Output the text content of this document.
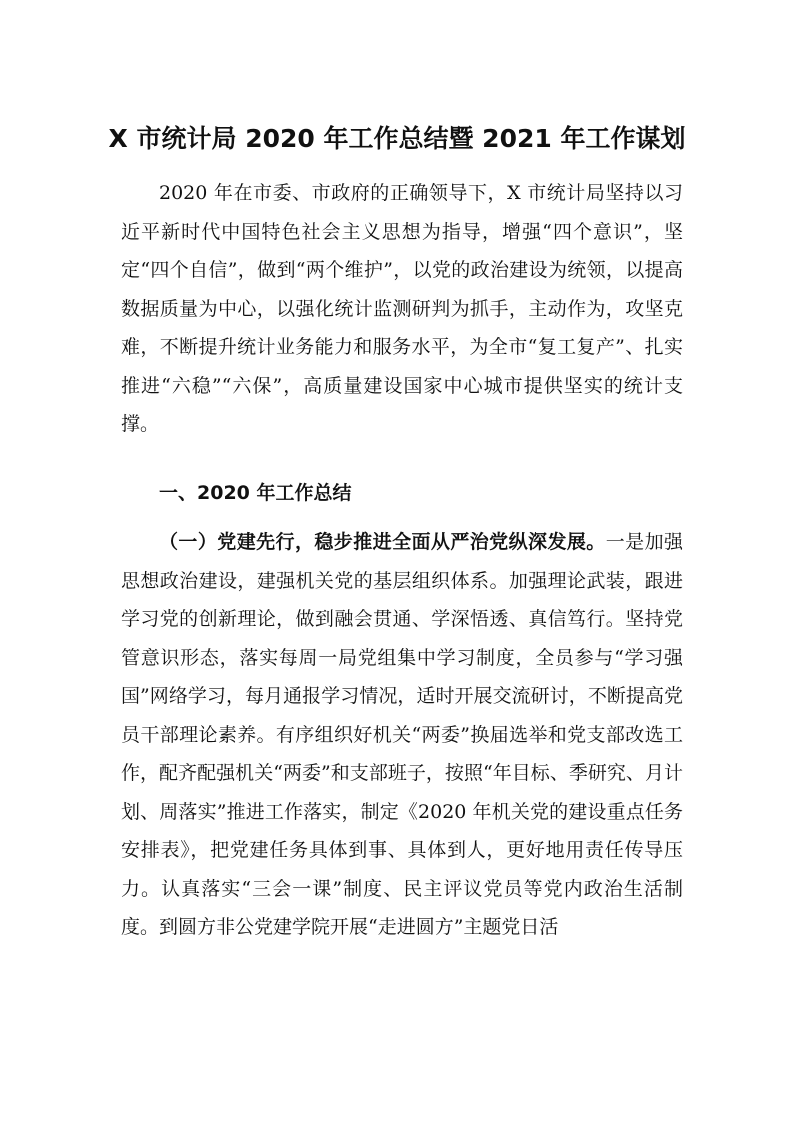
X 市统计局 2020 年工作总结暨 2021 年工作谋划

2020 年在市委、市政府的正确领导下，X 市统计局坚持以习近平新时代中国特色社会主义思想为指导，增强“四个意识”，坚定“四个自信”，做到“两个维护”，以党的政治建设为统领，以提高数据质量为中心，以强化统计监测研判为抓手，主动作为，攻坚克难，不断提升统计业务能力和服务水平，为全市“复工复产”、扎实推进“六稳”“六保”，高质量建设国家中心城市提供坚实的统计支撑。

一、2020 年工作总结

（一）党建先行，稳步推进全面从严治党纵深发展。一是加强思想政治建设，建强机关党的基层组织体系。加强理论武装，跟进学习党的创新理论，做到融会贯通、学深悟透、真信笃行。坚持党管意识形态，落实每周一局党组集中学习制度，全员参与“学习强国”网络学习，每月通报学习情况，适时开展交流研讨，不断提高党员干部理论素养。有序组织好机关“两委”换届选举和党支部改选工作，配齐配强机关“两委”和支部班子，按照“年目标、季研究、月计划、周落实”推进工作落实，制定《2020 年机关党的建设重点任务安排表》，把党建任务具体到事、具体到人，更好地用责任传导压力。认真落实“三会一课”制度、民主评议党员等党内政治生活制度。到圆方非公党建学院开展“走进圆方”主题党日活
